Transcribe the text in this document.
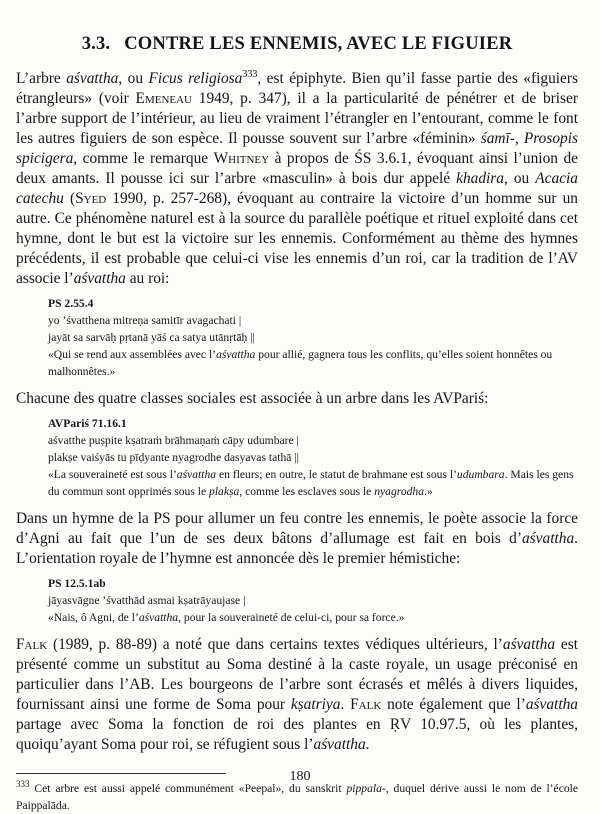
3.3. CONTRE LES ENNEMIS, AVEC LE FIGUIER

L’arbre aśvattha, ou Ficus religiosa$^{333}$, est épiphyte. Bien qu’il fasse partie des «figuiers étrangleurs» (voir Emeneau 1949, p. 347), il a la particularité de pénétrer et de briser l’arbre support de l’intérieur, au lieu de vraiment l’étrangler en l’entourant, comme le font les autres figuiers de son espèce. Il pousse souvent sur l’arbre «féminin» śamī-, Prosopis spicigera, comme le remarque Whitney à propos de ŚS 3.6.1, évoquant ainsi l’union de deux amants. Il pousse ici sur l’arbre «masculin» à bois dur appelé khadira, ou Acacia catechu (Syed 1990, p. 257-268), évoquant au contraire la victoire d’un homme sur un autre. Ce phénomène naturel est à la source du parallèle poétique et rituel exploité dans cet hymne, dont le but est la victoire sur les ennemis. Conformément au thème des hymnes précédents, il est probable que celui-ci vise les ennemis d’un roi, car la tradition de l’AV associe l’aśvattha au roi:

PS 2.55.4
yo ’śvatthena mitreṇa samitīr avagachati |
jayāt sa sarvāḥ pṛtanā yāś ca satya utānṛtāḥ ||
«Qui se rend aux assemblées avec l’aśvattha pour allié, gagnera tous les conflits, qu’elles soient honnêtes ou malhonnêtes.»

Chacune des quatre classes sociales est associée à un arbre dans les AVPariś:

AVPariś 71.16.1
aśvatthe puṣpite kṣatraṁ brāhmaṇaṁ cāpy udumbare |
plakṣe vaiśyās tu pīḍyante nyagrodhe dasyavas tathā ||
«La souveraineté est sous l’aśvattha en fleurs; en outre, le statut de brahmane est sous l’udumbara. Mais les gens du commun sont opprimés sous le plakṣa, comme les esclaves sous le nyagrodha.»

Dans un hymne de la PS pour allumer un feu contre les ennemis, le poète associe la force d’Agni au fait que l’un de ses deux bâtons d’allumage est fait en bois d’aśvattha. L’orientation royale de l’hymne est annoncée dès le premier hémistiche:

PS 12.5.1ab
jāyasvāgne ’śvatthād asmai kṣatrāyaujase |
«Nais, ô Agni, de l’aśvattha, pour la souveraineté de celui-ci, pour sa force.»

Falk (1989, p. 88-89) a noté que dans certains textes védiques ultérieurs, l’aśvattha est présenté comme un substitut au Soma destiné à la caste royale, un usage préconisé en particulier dans l’AB. Les bourgeons de l’arbre sont écrasés et mêlés à divers liquides, fournissant ainsi une forme de Soma pour kṣatriya. Falk note également que l’aśvattha partage avec Soma la fonction de roi des plantes en ṚV 10.97.5, où les plantes, quoiqu’ayant Soma pour roi, se réfugient sous l’aśvattha.

$^{333}$ Cet arbre est aussi appelé communément «Peepal», du sanskrit pippala-, duquel dérive aussi le nom de l’école Paippalāda.
180
